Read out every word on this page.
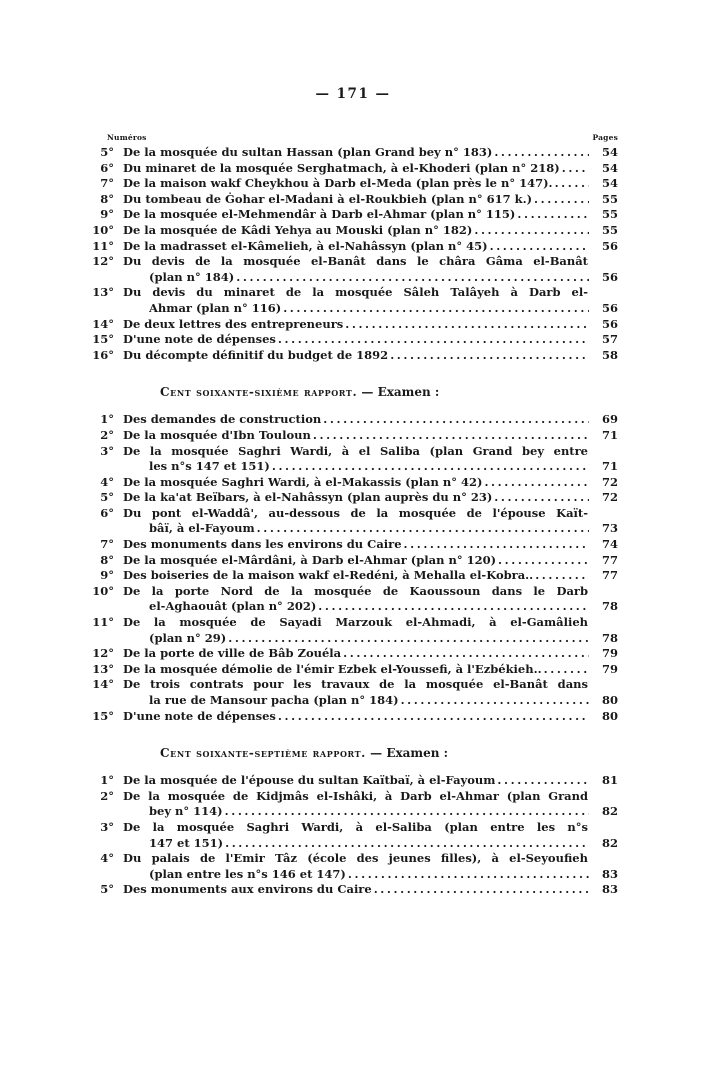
— 171 —
Numéros	Pages
5° De la mosquée du sultan Hassan (plan Grand bey n° 183) .....	54
6° Du minaret de la mosquée Serghatmach, à el-Khoderi (plan n° 218) .....	54
7° De la maison wakf Cheykhou à Darb el-Meda (plan près le n° 147). .....	54
8° Du tombeau de Ġohar el-Maḋani à el-Roukbieh (plan n° 617 k.) .....	55
9° De la mosquée el-Mehmendâr à Darb el-Ahmar (plan n° 115) .....	55
10° De la mosquée de Kâdi Yehya au Mouski (plan n° 182) .....	55
11° De la madrasset el-Kâmelieh, à el-Nahâssyn (plan n° 45) .....	56
12° Du devis de la mosquée el-Banât dans le châra Gâma el-Banât
(plan n° 184) .....	56
13° Du devis du minaret de la mosquée Sâleh Talâyeh à Darb el-
Ahmar (plan n° 116) .....	56
14° De deux lettres des entrepreneurs .....	56
15° D'une note de dépenses .....	57
16° Du décompte définitif du budget de 1892 .....	58
Cent soixante-sixième rapport. — Examen :
1° Des demandes de construction .....	69
2° De la mosquée d'Ibn Touloun .....	71
3° De la mosquée Saghri Wardi, à el Saliba (plan Grand bey entre
les n°s 147 et 151) .....	71
4° De la mosquée Saghri Wardi, à el-Makassis (plan n° 42) .....	72
5° De la ka'at Beïbars, à el-Nahâssyn (plan auprès du n° 23) .....	72
6° Du pont el-Waddâ', au-dessous de la mosquée de l'épouse Kaït-
bâï, à el-Fayoum .....	73
7° Des monuments dans les environs du Caire .....	74
8° De la mosquée el-Mârdâni, à Darb el-Ahmar (plan n° 120) .....	77
9° Des boiseries de la maison wakf el-Redéni, à Mehalla el-Kobra.. .....	77
10° De la porte Nord de la mosquée de Kaoussoun dans le Darb
el-Aghaouât (plan n° 202) .....	78
11° De la mosquée de Sayadi Marzouk el-Ahmadi, à el-Gamâlieh
(plan n° 29) .....	78
12° De la porte de ville de Bâb Zouéla .....	79
13° De la mosquée démolie de l'émir Ezbek el-Youssefi, à l'Ezbékieh.. .....	79
14° De trois contrats pour les travaux de la mosquée el-Banât dans
la rue de Mansour pacha (plan n° 184) .....	80
15° D'une note de dépenses .....	80
Cent soixante-septième rapport. — Examen :
1° De la mosquée de l'épouse du sultan Kaïtbaï, à el-Fayoum .....	81
2° De la mosquée de Kidjmâs el-Ishâki, à Darb el-Ahmar (plan Grand
bey n° 114) .....	82
3° De la mosquée Saghri Wardi, à el-Saliba (plan entre les n°s
147 et 151) .....	82
4° Du palais de l'Emir Tâz (école des jeunes filles), à el-Seyoufieh
(plan entre les n°s 146 et 147) .....	83
5° Des monuments aux environs du Caire .....	83
